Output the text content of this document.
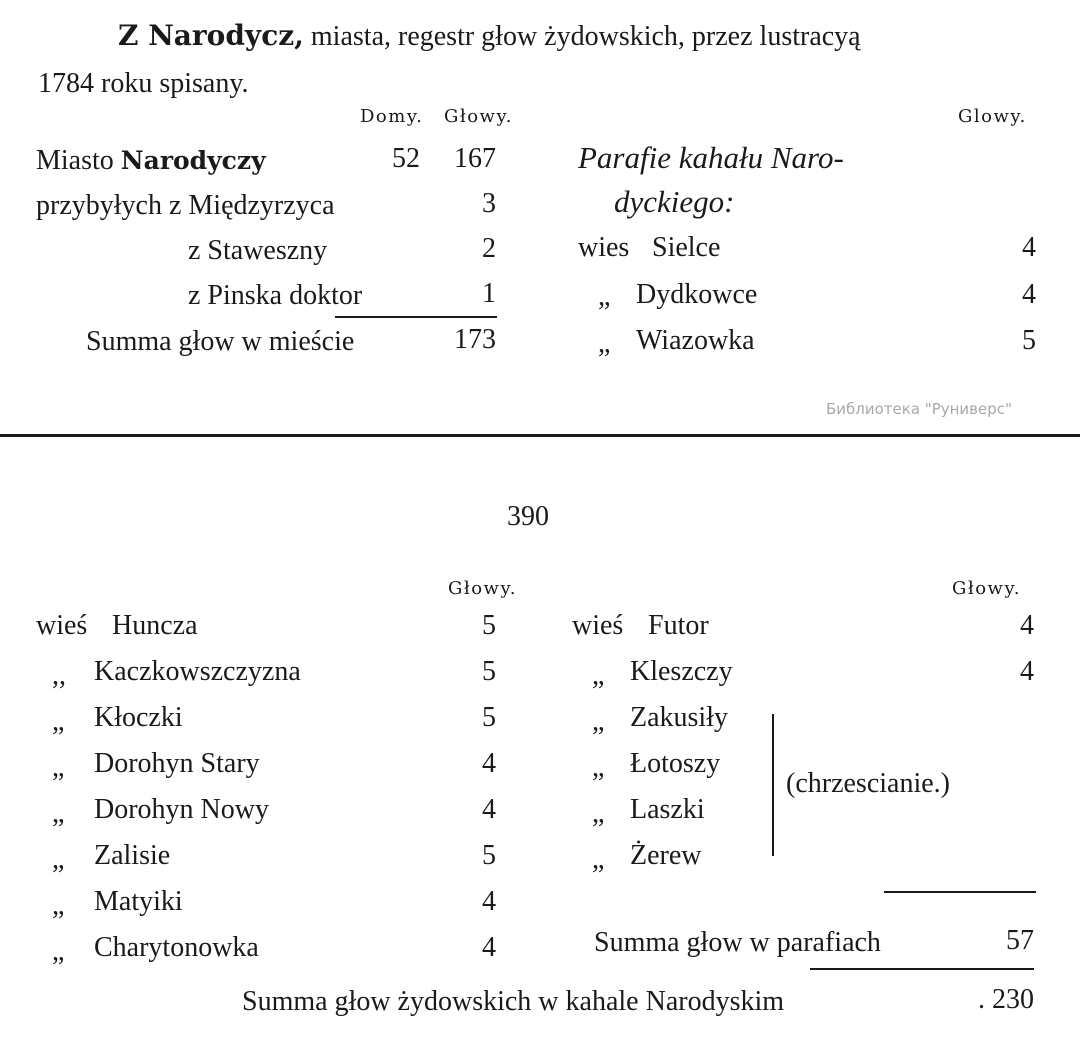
Z Narodycz, miasta, regestr głow żydowskich, przez lustracyą
1784 roku spisany.
Domy. Głowy.	Glowy.
Miasto Narodyczy	52	167
przybyłych z Międzyrzyca	3
z Staweszny	2
z Pinska doktor	1
Summa głow w mieście	173
Parafie kahału Naro-
dyckiego:
wies Sielce	4
„ Dydkowce	4
„ Wiazowka	5
Библиотека "Руниверс"
390
Głowy.	Głowy.
wieś Huncza	5
,, Kaczkowszczyzna	5
„ Kłoczki	5
„ Dorohyn Stary	4
„ Dorohyn Nowy	4
„ Zalisie	5
„ Matyiki	4
„ Charytonowka	4
wieś Futor	4
„ Kleszczy	4
„ Zakusiły
„ Łotoszy
„ Laszki
„ Żerew
(chrzescianie.)
Summa głow w parafiach	57
Summa głow żydowskich w kahale Narodyskim	. 230
